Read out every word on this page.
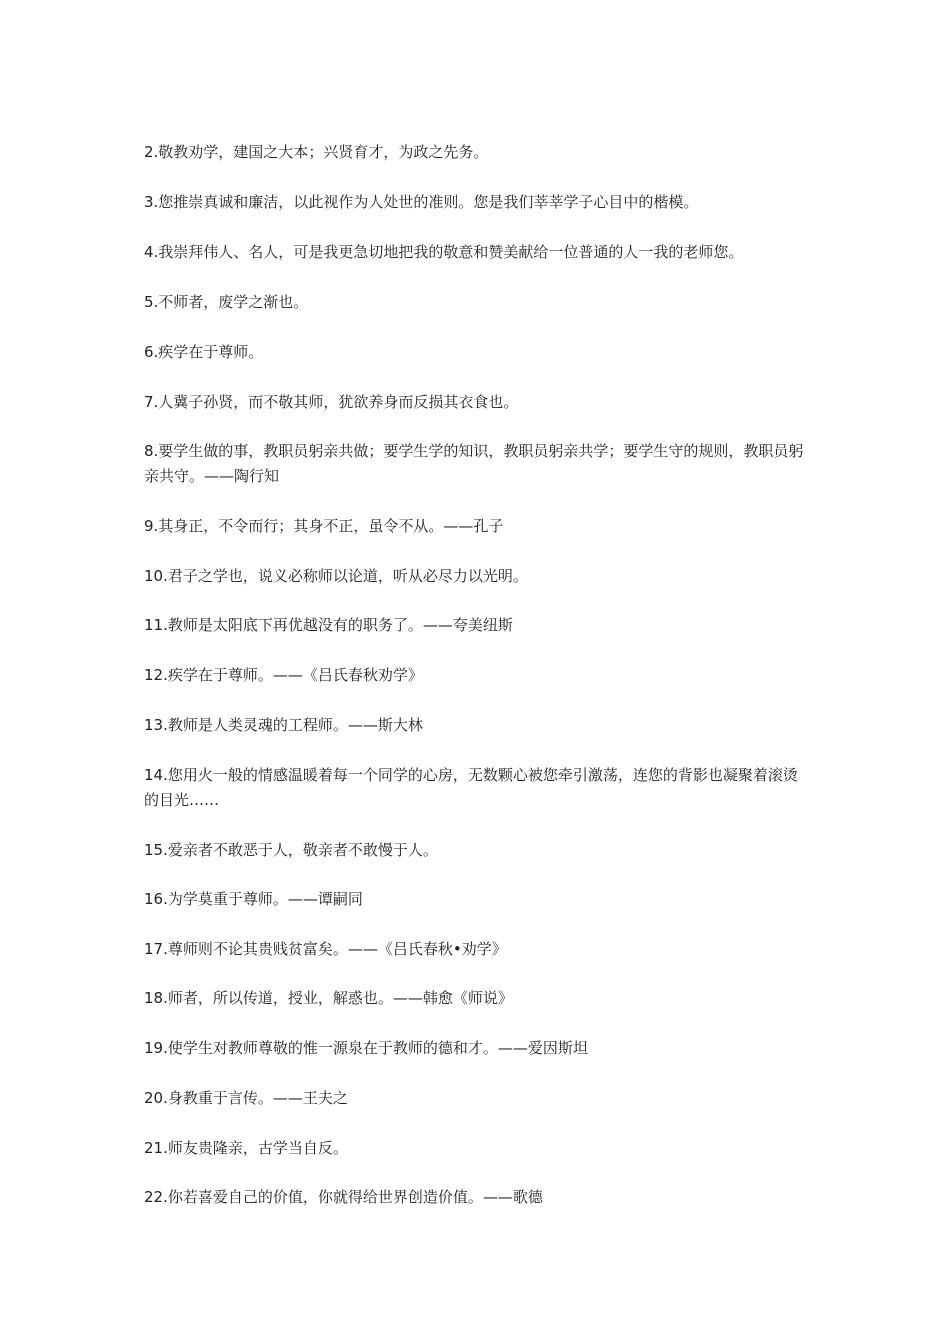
2.敬教劝学，建国之大本；兴贤育才，为政之先务。

3.您推崇真诚和廉洁，以此视作为人处世的准则。您是我们莘莘学子心目中的楷模。

4.我崇拜伟人、名人，可是我更急切地把我的敬意和赞美献给一位普通的人一我的老师您。

5.不师者，废学之渐也。

6.疾学在于尊师。

7.人冀子孙贤，而不敬其师，犹欲养身而反损其衣食也。

8.要学生做的事，教职员躬亲共做；要学生学的知识，教职员躬亲共学；要学生守的规则，教职员躬亲共守。——陶行知

9.其身正，不令而行；其身不正，虽令不从。——孔子

10.君子之学也，说义必称师以论道，听从必尽力以光明。

11.教师是太阳底下再优越没有的职务了。——夸美纽斯

12.疾学在于尊师。——《吕氏春秋劝学》

13.教师是人类灵魂的工程师。——斯大林

14.您用火一般的情感温暖着每一个同学的心房，无数颗心被您牵引激荡，连您的背影也凝聚着滚烫的目光……

15.爱亲者不敢恶于人，敬亲者不敢慢于人。

16.为学莫重于尊师。——谭嗣同

17.尊师则不论其贵贱贫富矣。——《吕氏春秋•劝学》

18.师者，所以传道，授业，解惑也。——韩愈《师说》

19.使学生对教师尊敬的惟一源泉在于教师的德和才。——爱因斯坦

20.身教重于言传。——王夫之

21.师友贵隆亲，古学当自反。

22.你若喜爱自己的价值，你就得给世界创造价值。——歌德
